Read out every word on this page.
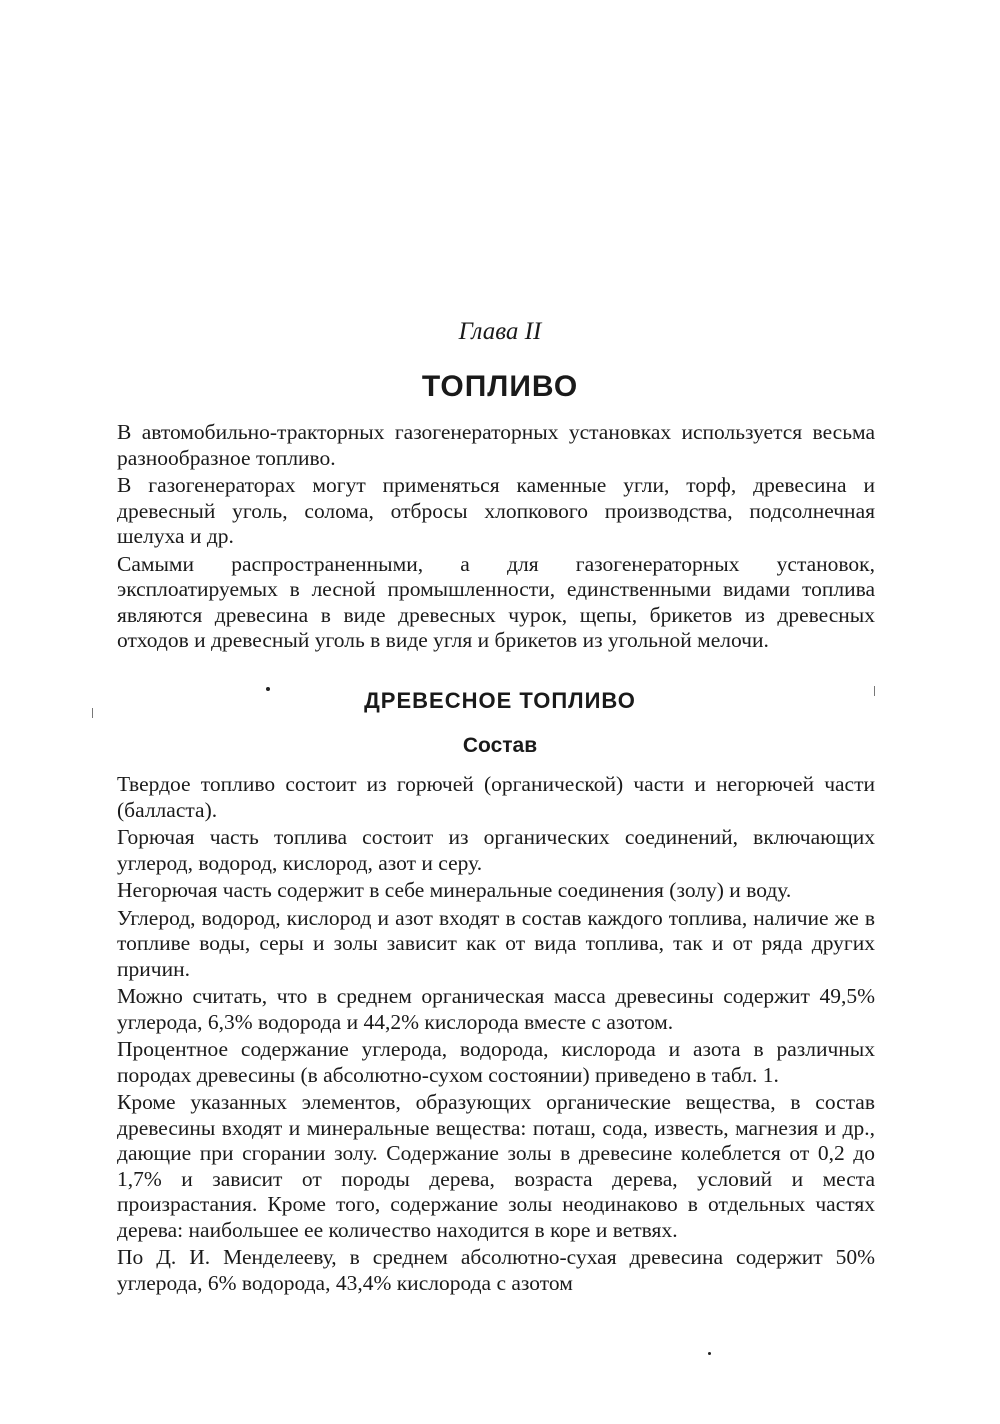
Глава II
ТОПЛИВО

В автомобильно-тракторных газогенераторных установках используется весьма разнообразное топливо.

В газогенераторах могут применяться каменные угли, торф, древесина и древесный уголь, солома, отбросы хлопкового производства, подсолнечная шелуха и др.

Самыми распространенными, а для газогенераторных установок, эксплоатируемых в лесной промышленности, единственными видами топлива являются древесина в виде древесных чурок, щепы, брикетов из древесных отходов и древесный уголь в виде угля и брикетов из угольной мелочи.

ДРЕВЕСНОЕ ТОПЛИВО
Состав

Твердое топливо состоит из горючей (органической) части и негорючей части (балласта).

Горючая часть топлива состоит из органических соединений, включающих углерод, водород, кислород, азот и серу.

Негорючая часть содержит в себе минеральные соединения (золу) и воду.

Углерод, водород, кислород и азот входят в состав каждого топлива, наличие же в топливе воды, серы и золы зависит как от вида топлива, так и от ряда других причин.

Можно считать, что в среднем органическая масса древесины содержит 49,5% углерода, 6,3% водорода и 44,2% кислорода вместе с азотом.

Процентное содержание углерода, водорода, кислорода и азота в различных породах древесины (в абсолютно-сухом состоянии) приведено в табл. 1.

Кроме указанных элементов, образующих органические вещества, в состав древесины входят и минеральные вещества: поташ, сода, известь, магнезия и др., дающие при сгорании золу. Содержание золы в древесине колеблется от 0,2 до 1,7% и зависит от породы дерева, возраста дерева, условий и места произрастания. Кроме того, содержание золы неодинаково в отдельных частях дерева: наибольшее ее количество находится в коре и ветвях.

По Д. И. Менделееву, в среднем абсолютно-сухая древесина содержит 50% углерода, 6% водорода, 43,4% кислорода с азотом
